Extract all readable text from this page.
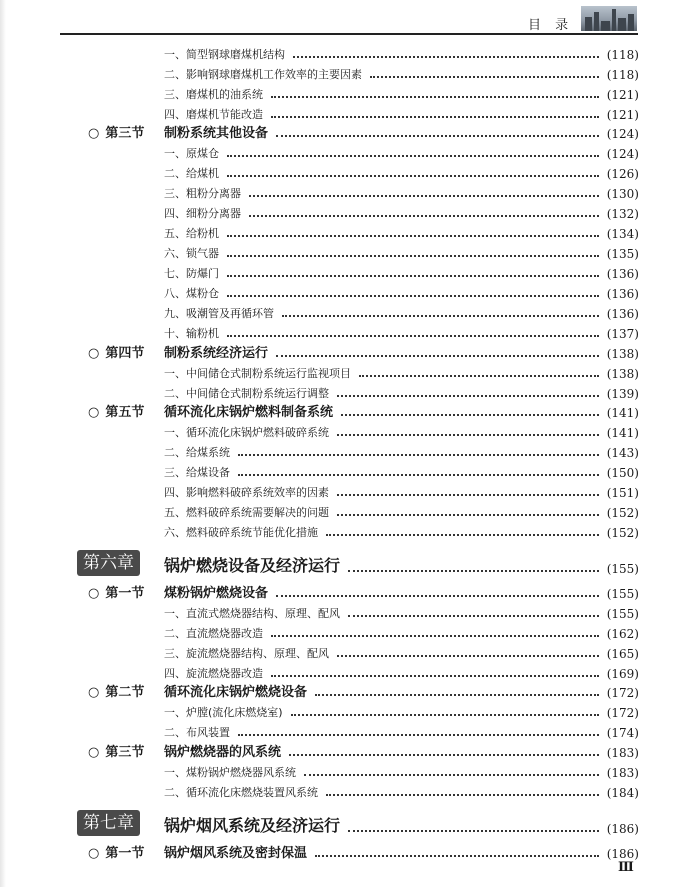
目 录
一、简型钢球磨煤机结构	(118)
二、影响钢球磨煤机工作效率的主要因素	(118)
三、磨煤机的油系统	(121)
四、磨煤机节能改造	(121)
○ 第三节 制粉系统其他设备	(124)
一、原煤仓	(124)
二、给煤机	(126)
三、粗粉分离器	(130)
四、细粉分离器	(132)
五、给粉机	(134)
六、锁气器	(135)
七、防爆门	(136)
八、煤粉仓	(136)
九、吸潮管及再循环管	(136)
十、输粉机	(137)
○ 第四节 制粉系统经济运行	(138)
一、中间储仓式制粉系统运行监视项目	(138)
二、中间储仓式制粉系统运行调整	(139)
○ 第五节 循环流化床锅炉燃料制备系统	(141)
一、循环流化床锅炉燃料破碎系统	(141)
二、给煤系统	(143)
三、给煤设备	(150)
四、影响燃料破碎系统效率的因素	(151)
五、燃料破碎系统需要解决的问题	(152)
六、燃料破碎系统节能优化措施	(152)
第六章	锅炉燃烧设备及经济运行	(155)
○ 第一节 煤粉锅炉燃烧设备	(155)
一、直流式燃烧器结构、原理、配风	(155)
二、直流燃烧器改造	(162)
三、旋流燃烧器结构、原理、配风	(165)
四、旋流燃烧器改造	(169)
○ 第二节 循环流化床锅炉燃烧设备	(172)
一、炉膛(流化床燃烧室)	(172)
二、布风装置	(174)
○ 第三节 锅炉燃烧器的风系统	(183)
一、煤粉锅炉燃烧器风系统	(183)
二、循环流化床燃烧装置风系统	(184)
第七章	锅炉烟风系统及经济运行	(186)
○ 第一节 锅炉烟风系统及密封保温	(186)
Ⅲ
